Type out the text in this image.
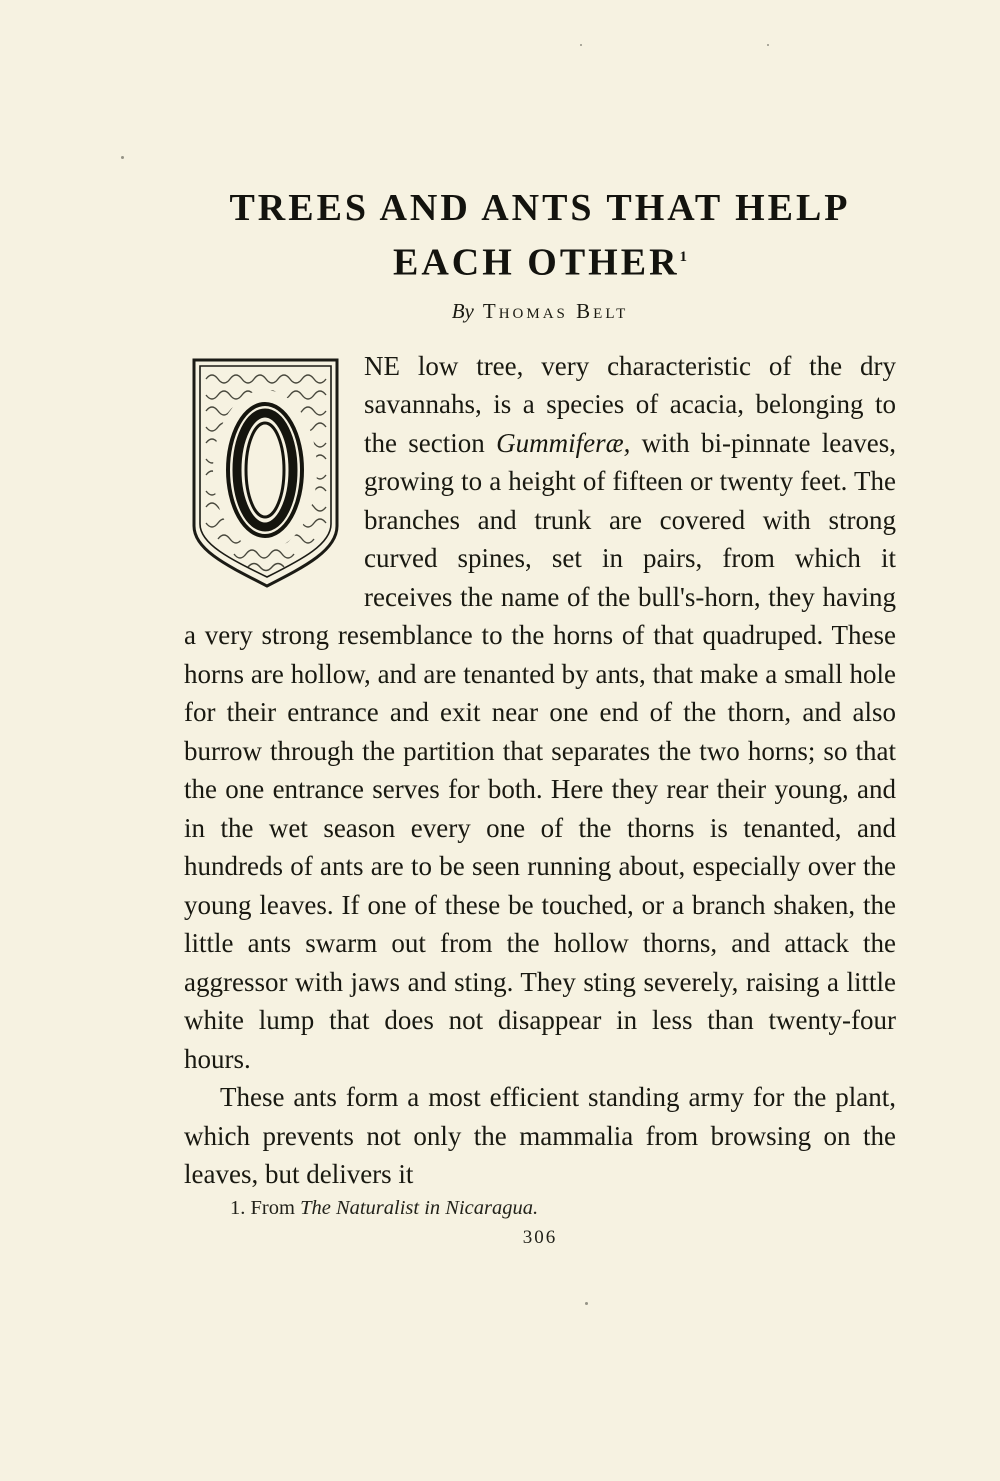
TREES AND ANTS THAT HELP
EACH OTHER$^1$
By Thomas Belt

NE low tree, very characteristic of the dry savannahs, is a species of acacia, belonging to the section Gummiferæ, with bi-pinnate leaves, growing to a height of fifteen or twenty feet. The branches and trunk are covered with strong curved spines, set in pairs, from which it receives the name of the bull's-horn, they having a very strong resemblance to the horns of that quadruped. These horns are hollow, and are tenanted by ants, that make a small hole for their entrance and exit near one end of the thorn, and also burrow through the partition that separates the two horns; so that the one entrance serves for both. Here they rear their young, and in the wet season every one of the thorns is tenanted, and hundreds of ants are to be seen running about, especially over the young leaves. If one of these be touched, or a branch shaken, the little ants swarm out from the hollow thorns, and attack the aggressor with jaws and sting. They sting severely, raising a little white lump that does not disappear in less than twenty-four hours.

These ants form a most efficient standing army for the plant, which prevents not only the mammalia from browsing on the leaves, but delivers it

1. From The Naturalist in Nicaragua.
306
